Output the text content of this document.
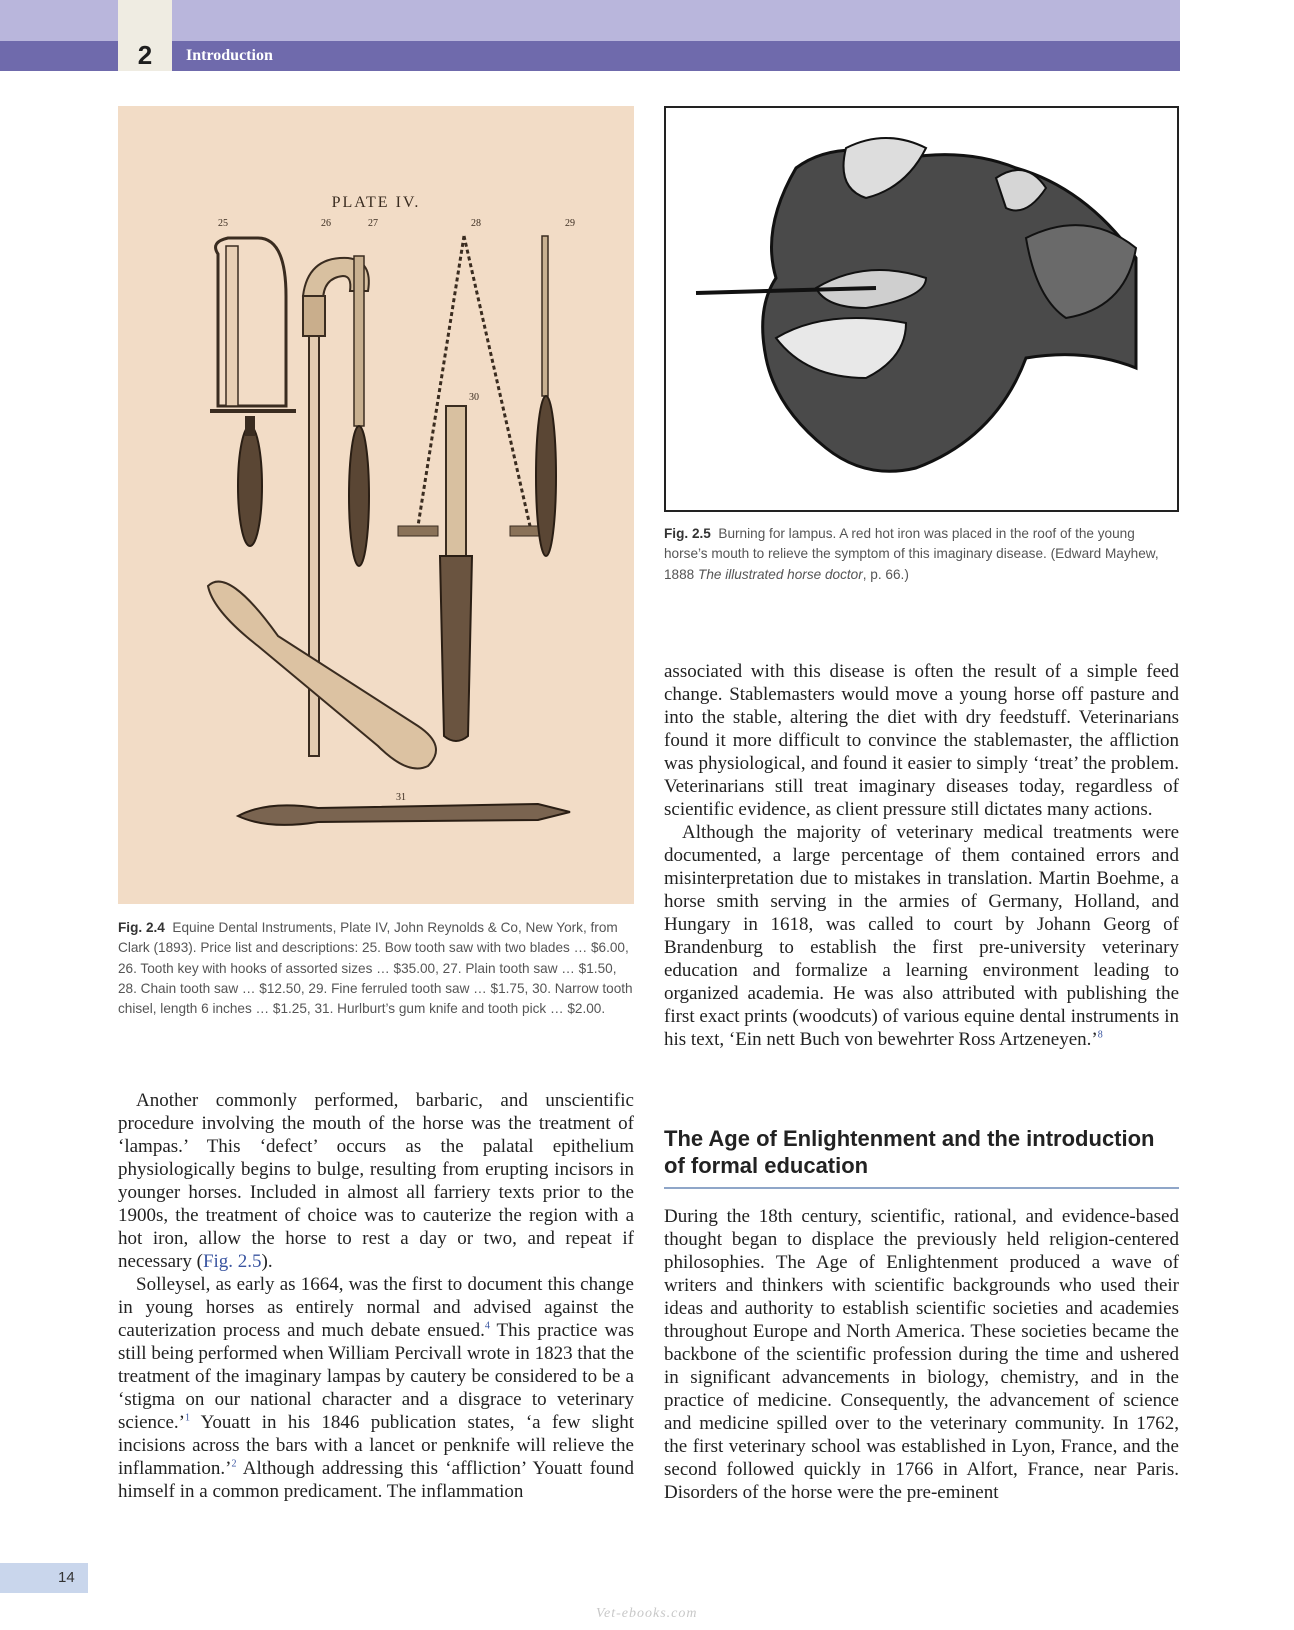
2	Introduction
PLATE IV.
25	26	27	28	29
30
31
Fig. 2.4 Equine Dental Instruments, Plate IV, John Reynolds & Co, New York, from Clark (1893). Price list and descriptions: 25. Bow tooth saw with two blades … $6.00, 26. Tooth key with hooks of assorted sizes … $35.00, 27. Plain tooth saw … $1.50, 28. Chain tooth saw … $12.50, 29. Fine ferruled tooth saw … $1.75, 30. Narrow tooth chisel, length 6 inches … $1.25, 31. Hurlburt’s gum knife and tooth pick … $2.00.
Fig. 2.5 Burning for lampus. A red hot iron was placed in the roof of the young horse’s mouth to relieve the symptom of this imaginary disease. (Edward Mayhew, 1888 The illustrated horse doctor, p. 66.)

Another commonly performed, barbaric, and unscientific procedure involving the mouth of the horse was the treatment of ‘lampas.’ This ‘defect’ occurs as the palatal epithelium physiologically begins to bulge, resulting from erupting incisors in younger horses. Included in almost all farriery texts prior to the 1900s, the treatment of choice was to cauterize the region with a hot iron, allow the horse to rest a day or two, and repeat if necessary (Fig. 2.5).

Solleysel, as early as 1664, was the first to document this change in young horses as entirely normal and advised against the cauterization process and much debate ensued.$^4$ This practice was still being performed when William Percivall wrote in 1823 that the treatment of the imaginary lampas by cautery be considered to be a ‘stigma on our national character and a disgrace to veterinary science.’$^1$ Youatt in his 1846 publication states, ‘a few slight incisions across the bars with a lancet or penknife will relieve the inflammation.’$^2$ Although addressing this ‘affliction’ Youatt found himself in a common predicament. The inflammation

associated with this disease is often the result of a simple feed change. Stablemasters would move a young horse off pasture and into the stable, altering the diet with dry feedstuff. Veterinarians found it more difficult to convince the stablemaster, the affliction was physiological, and found it easier to simply ‘treat’ the problem. Veterinarians still treat imaginary diseases today, regardless of scientific evidence, as client pressure still dictates many actions.

Although the majority of veterinary medical treatments were documented, a large percentage of them contained errors and misinterpretation due to mistakes in translation. Martin Boehme, a horse smith serving in the armies of Germany, Holland, and Hungary in 1618, was called to court by Johann Georg of Brandenburg to establish the first pre-university veterinary education and formalize a learning environment leading to organized academia. He was also attributed with publishing the first exact prints (woodcuts) of various equine dental instruments in his text, ‘Ein nett Buch von bewehrter Ross Artzeneyen.’$^8$

The Age of Enlightenment and the introduction of formal education

During the 18th century, scientific, rational, and evidence-based thought began to displace the previously held religion-centered philosophies. The Age of Enlightenment produced a wave of writers and thinkers with scientific backgrounds who used their ideas and authority to establish scientific societies and academies throughout Europe and North America. These societies became the backbone of the scientific profession during the time and ushered in significant advancements in biology, chemistry, and in the practice of medicine. Consequently, the advancement of science and medicine spilled over to the veterinary community. In 1762, the first veterinary school was established in Lyon, France, and the second followed quickly in 1766 in Alfort, France, near Paris. Disorders of the horse were the pre-eminent

14
Vet-ebooks.com
